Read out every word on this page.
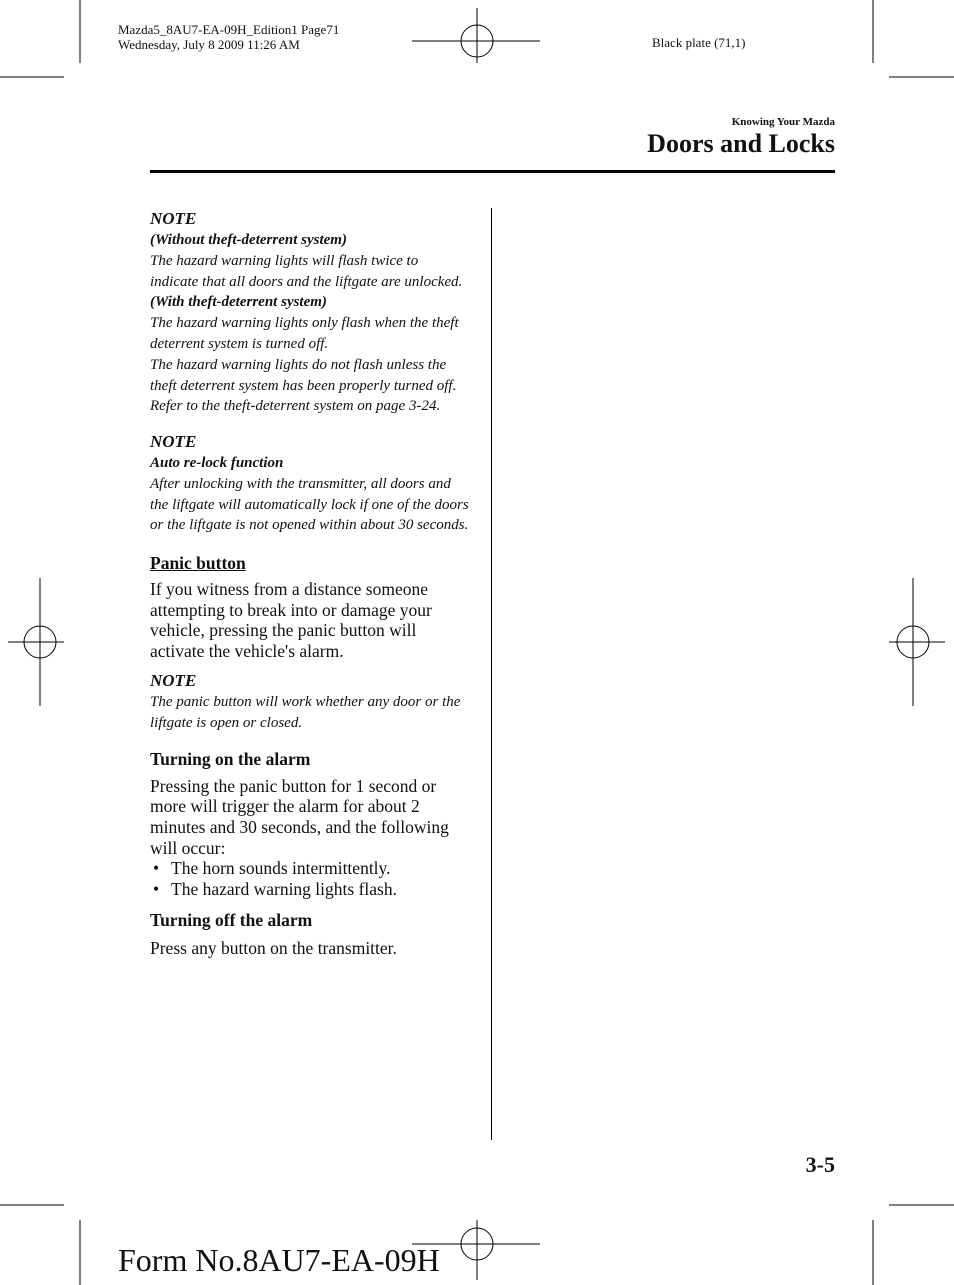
Mazda5_8AU7-EA-09H_Edition1 Page71
Wednesday, July 8 2009 11:26 AM	Black plate (71,1)
Knowing Your Mazda
Doors and Locks

NOTE

(Without theft-deterrent system)

The hazard warning lights will flash twice to indicate that all doors and the liftgate are unlocked.

(With theft-deterrent system)

The hazard warning lights only flash when the theft deterrent system is turned off.

The hazard warning lights do not flash unless the theft deterrent system has been properly turned off.

Refer to the theft-deterrent system on page 3-24.

NOTE

Auto re-lock function

After unlocking with the transmitter, all doors and the liftgate will automatically lock if one of the doors or the liftgate is not opened within about 30 seconds.

Panic button

If you witness from a distance someone attempting to break into or damage your vehicle, pressing the panic button will activate the vehicle's alarm.

NOTE

The panic button will work whether any door or the liftgate is open or closed.

Turning on the alarm

Pressing the panic button for 1 second or more will trigger the alarm for about 2 minutes and 30 seconds, and the following will occur:

• The horn sounds intermittently.
• The hazard warning lights flash.

Turning off the alarm

Press any button on the transmitter.

3-5
Form No.8AU7-EA-09H
